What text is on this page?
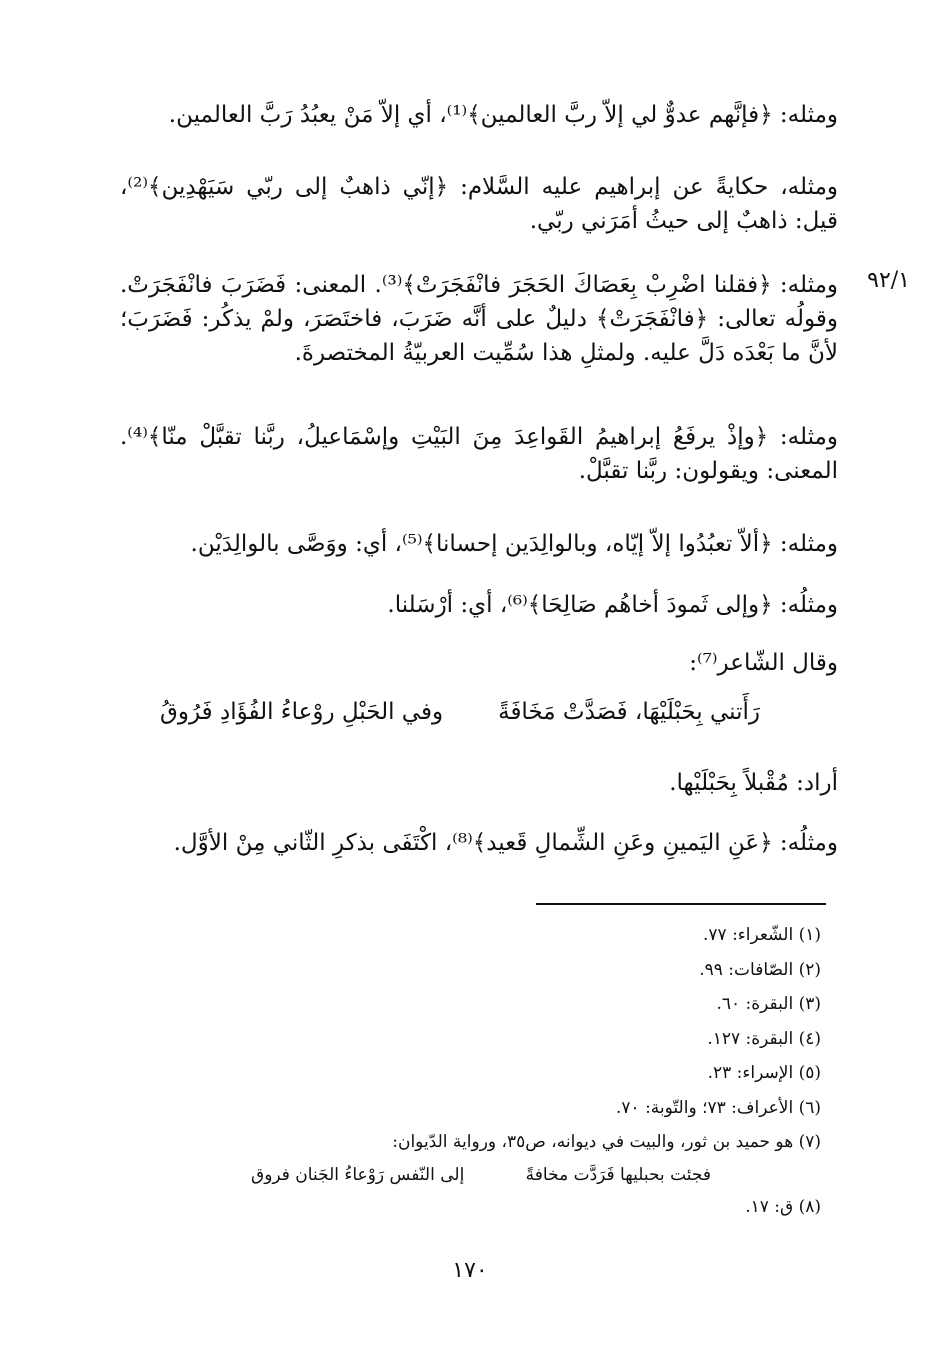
ومثله: ﴿فإنَّهم عدوٌّ لي إلاّ ربَّ العالمين﴾⁽¹⁾، أي إلاّ مَنْ يعبُدُ رَبَّ العالمين.

ومثله، حكايةً عن إبراهيم عليه السَّلام: ﴿إنّي ذاهبٌ إلى ربّي سَيَهْدِين﴾⁽²⁾، قيل: ذاهبٌ إلى حيثُ أمَرَني ربّي.

٩٢/١

ومثله: ﴿فقلنا اضْرِبْ بِعَصَاكَ الحَجَرَ فانْفَجَرَتْ﴾⁽³⁾. المعنى: فَضَرَبَ فانْفَجَرَتْ. وقولُه تعالى: ﴿فانْفَجَرَتْ﴾ دليلٌ على أنَّه ضَرَبَ، فاختَصَرَ، ولمْ يذكُر: فَضَرَبَ؛ لأنَّ ما بَعْدَه دَلَّ عليه. ولمثلِ هذا سُمِّيت العربيّةُ المختصرةَ.

ومثله: ﴿وإذْ يرفَعُ إبراهيمُ القَواعِدَ مِنَ البَيْتِ وإسْمَاعيلُ، ربَّنا تقبَّلْ منّا﴾⁽⁴⁾. المعنى: ويقولون: ربَّنا تقبَّلْ.

ومثله: ﴿ألاّ تعبُدُوا إلاّ إيّاه، وبالوالِدَين إحسانا﴾⁽⁵⁾، أي: ووَصَّى بالوالِدَيْن.

ومثلُه: ﴿وإلى ثَمودَ أخاهُم صَالِحَا﴾⁽⁶⁾، أي: أرْسَلنا.

وقال الشّاعر⁽⁷⁾:

رَأَتني بِحَبْلَيْهَا، فَصَدَّتْ مَخَافَةً
وفي الحَبْلِ روْعاءُ الفُؤَادِ فَرُوقُ

أراد: مُقْبلاً بِحَبْلَيْها.

ومثلُه: ﴿عَنِ اليَمينِ وعَنِ الشِّمالِ قَعيد﴾⁽⁸⁾، اكْتَفَى بذكرِ الثّاني مِنْ الأوَّل.

(١) الشّعراء: ٧٧.
(٢) الصّافات: ٩٩.
(٣) البقرة: ٦٠.
(٤) البقرة: ١٢٧.
(٥) الإسراء: ٢٣.
(٦) الأعراف: ٧٣؛ والتّوبة: ٧٠.
(٧) هو حميد بن ثور، والبيت في ديوانه، ص٣٥، ورواية الدّيوان:
فجئت بحبليها فَرَدَّت مخافةً
إلى النّفس رَوْعاءُ الجَنان فروق
(٨) ق: ١٧.
١٧٠
